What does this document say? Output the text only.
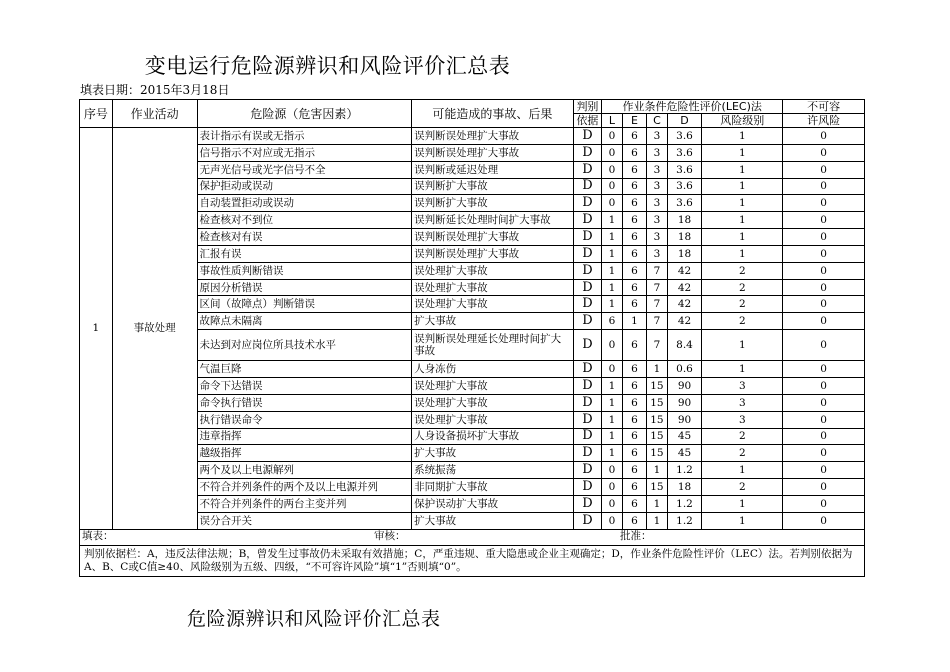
变电运行危险源辨识和风险评价汇总表
填表日期：2015年3月18日
序号	作业活动	危险源（危害因素）	可能造成的事故、后果	判别	作业条件危险性评价(LEC)法					不可容
				依据	L	E	C	D	风险级别	许风险
1	事故处理	表计指示有误或无指示	误判断误处理扩大事故	D	0	6	3	3.6	1	0
		信号指示不对应或无指示	误判断误处理扩大事故	D	0	6	3	3.6	1	0
		无声光信号或光字信号不全	误判断或延迟处理	D	0	6	3	3.6	1	0
		保护拒动或误动	误判断扩大事故	D	0	6	3	3.6	1	0
		自动装置拒动或误动	误判断扩大事故	D	0	6	3	3.6	1	0
		检查核对不到位	误判断延长处理时间扩大事故	D	1	6	3	18	1	0
		检查核对有误	误判断误处理扩大事故	D	1	6	3	18	1	0
		汇报有误	误判断误处理扩大事故	D	1	6	3	18	1	0
		事故性质判断错误	误处理扩大事故	D	1	6	7	42	2	0
		原因分析错误	误处理扩大事故	D	1	6	7	42	2	0
		区间（故障点）判断错误	误处理扩大事故	D	1	6	7	42	2	0
		故障点未隔离	扩大事故	D	6	1	7	42	2	0
		未达到对应岗位所具技术水平	误判断误处理延长处理时间扩大事故	D	0	6	7	8.4	1	0
		气温巨降	人身冻伤	D	0	6	1	0.6	1	0
		命令下达错误	误处理扩大事故	D	1	6	15	90	3	0
		命令执行错误	误处理扩大事故	D	1	6	15	90	3	0
		执行错误命令	误处理扩大事故	D	1	6	15	90	3	0
		违章指挥	人身设备损坏扩大事故	D	1	6	15	45	2	0
		越级指挥	扩大事故	D	1	6	15	45	2	0
		两个及以上电源解列	系统振荡	D	0	6	1	1.2	1	0
		不符合并列条件的两个及以上电源并列	非同期扩大事故	D	0	6	15	18	2	0
		不符合并列条件的两台主变并列	保护误动扩大事故	D	0	6	1	1.2	1	0
		误分合开关	扩大事故	D	0	6	1	1.2	1	0

填表： 审核： 批准：										

判别依据栏：A，违反法律法规；B，曾发生过事故仍未采取有效措施；C，严重违规、重大隐患或企业主观确定；D，作业条件危险性评价（LEC）法。若判别依据为A、B、C或C值≥40、风险级别为五级、四级，“不可容许风险”填“1”否则填“0”。										
危险源辨识和风险评价汇总表
